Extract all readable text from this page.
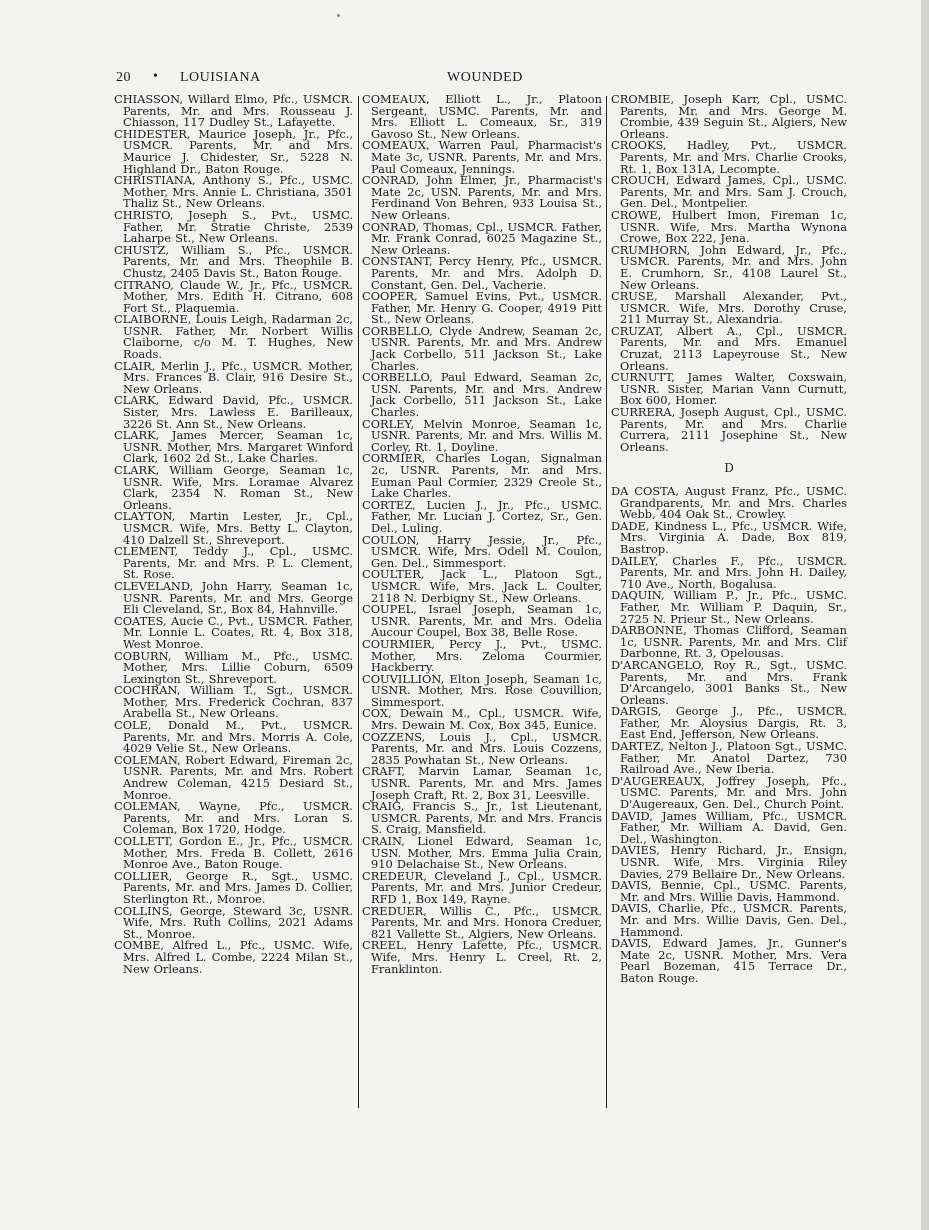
20 • LOUISIANA	WOUNDED

CHIASSON, Willard Elmo, Pfc., USMCR. Parents, Mr. and Mrs. Rousseau J. Chiasson, 117 Dudley St., Lafayette.

CHIDESTER, Maurice Joseph, Jr., Pfc., USMCR. Parents, Mr. and Mrs. Maurice J. Chidester, Sr., 5228 N. Highland Dr., Baton Rouge.

CHRISTIANA, Anthony S., Pfc., USMC. Mother, Mrs. Annie L. Christiana, 3501 Thaliz St., New Orleans.

CHRISTO, Joseph S., Pvt., USMC. Father, Mr. Stratie Christe, 2539 Laharpe St., New Orleans.

CHUSTZ, William S., Pfc., USMCR. Parents, Mr. and Mrs. Theophile B. Chustz, 2405 Davis St., Baton Rouge.

CITRANO, Claude W., Jr., Pfc., USMCR. Mother, Mrs. Edith H. Citrano, 608 Fort St., Plaquemia.

CLAIBORNE, Louis Leigh, Radarman 2c, USNR. Father, Mr. Norbert Willis Claiborne, c/o M. T. Hughes, New Roads.

CLAIR, Merlin J., Pfc., USMCR. Mother, Mrs. Frances B. Clair, 916 Desire St., New Orleans.

CLARK, Edward David, Pfc., USMCR. Sister, Mrs. Lawless E. Barilleaux, 3226 St. Ann St., New Orleans.

CLARK, James Mercer, Seaman 1c, USNR. Mother, Mrs. Margaret Winford Clark, 1602 2d St., Lake Charles.

CLARK, William George, Seaman 1c, USNR. Wife, Mrs. Loramae Alvarez Clark, 2354 N. Roman St., New Orleans.

CLAYTON, Martin Lester, Jr., Cpl., USMCR. Wife, Mrs. Betty L. Clayton, 410 Dalzell St., Shreveport.

CLEMENT, Teddy J., Cpl., USMC. Parents, Mr. and Mrs. P. L. Clement, St. Rose.

CLEVELAND, John Harry, Seaman 1c, USNR. Parents, Mr. and Mrs. George Eli Cleveland, Sr., Box 84, Hahnville.

COATES, Aucie C., Pvt., USMCR. Father, Mr. Lonnie L. Coates, Rt. 4, Box 318, West Monroe.

COBURN, William M., Pfc., USMC. Mother, Mrs. Lillie Coburn, 6509 Lexington St., Shreveport.

COCHRAN, William T., Sgt., USMCR. Mother, Mrs. Frederick Cochran, 837 Arabella St., New Orleans.

COLE, Donald M., Pvt., USMCR. Parents, Mr. and Mrs. Morris A. Cole, 4029 Velie St., New Orleans.

COLEMAN, Robert Edward, Fireman 2c, USNR. Parents, Mr. and Mrs. Robert Andrew Coleman, 4215 Desiard St., Monroe.

COLEMAN, Wayne, Pfc., USMCR. Parents, Mr. and Mrs. Loran S. Coleman, Box 1720, Hodge.

COLLETT, Gordon E., Jr., Pfc., USMCR. Mother, Mrs. Freda B. Collett, 2616 Monroe Ave., Baton Rouge.

COLLIER, George R., Sgt., USMC. Parents, Mr. and Mrs. James D. Collier, Sterlington Rt., Monroe.

COLLINS, George, Steward 3c, USNR. Wife, Mrs. Ruth Collins, 2021 Adams St., Monroe.

COMBE, Alfred L., Pfc., USMC. Wife, Mrs. Alfred L. Combe, 2224 Milan St., New Orleans.

COMEAUX, Elliott L., Jr., Platoon Sergeant, USMC. Parents, Mr. and Mrs. Elliott L. Comeaux, Sr., 319 Gavoso St., New Orleans.

COMEAUX, Warren Paul, Pharmacist's Mate 3c, USNR. Parents, Mr. and Mrs. Paul Comeaux, Jennings.

CONRAD, John Elmer, Jr., Pharmacist's Mate 2c, USN. Parents, Mr. and Mrs. Ferdinand Von Behren, 933 Louisa St., New Orleans.

CONRAD, Thomas, Cpl., USMCR. Father, Mr. Frank Conrad, 6025 Magazine St., New Orleans.

CONSTANT, Percy Henry, Pfc., USMCR. Parents, Mr. and Mrs. Adolph D. Constant, Gen. Del., Vacherie.

COOPER, Samuel Evins, Pvt., USMCR. Father, Mr. Henry G. Cooper, 4919 Pitt St., New Orleans.

CORBELLO, Clyde Andrew, Seaman 2c, USNR. Parents, Mr. and Mrs. Andrew Jack Corbello, 511 Jackson St., Lake Charles.

CORBELLO, Paul Edward, Seaman 2c, USN. Parents, Mr. and Mrs. Andrew Jack Corbello, 511 Jackson St., Lake Charles.

CORLEY, Melvin Monroe, Seaman 1c, USNR. Parents, Mr. and Mrs. Willis M. Corley, Rt. 1, Doyline.

CORMIER, Charles Logan, Signalman 2c, USNR. Parents, Mr. and Mrs. Euman Paul Cormier, 2329 Creole St., Lake Charles.

CORTEZ, Lucien J., Jr., Pfc., USMC. Father, Mr. Lucian J. Cortez, Sr., Gen. Del., Luling.

COULON, Harry Jessie, Jr., Pfc., USMCR. Wife, Mrs. Odell M. Coulon, Gen. Del., Simmesport.

COULTER, Jack L., Platoon Sgt., USMCR. Wife, Mrs. Jack L. Coulter, 2118 N. Derbigny St., New Orleans.

COUPEL, Israel Joseph, Seaman 1c, USNR. Parents, Mr. and Mrs. Odelia Aucour Coupel, Box 38, Belle Rose.

COURMIER, Percy J., Pvt., USMC. Mother, Mrs. Zeloma Courmier, Hackberry.

COUVILLION, Elton Joseph, Seaman 1c, USNR. Mother, Mrs. Rose Couvillion, Simmesport.

COX, Dewain M., Cpl., USMCR. Wife, Mrs. Dewain M. Cox, Box 345, Eunice.

COZZENS, Louis J., Cpl., USMCR. Parents, Mr. and Mrs. Louis Cozzens, 2835 Powhatan St., New Orleans.

CRAFT, Marvin Lamar, Seaman 1c, USNR. Parents, Mr. and Mrs. James Joseph Craft, Rt. 2, Box 31, Leesville.

CRAIG, Francis S., Jr., 1st Lieutenant, USMCR. Parents, Mr. and Mrs. Francis S. Craig, Mansfield.

CRAIN, Lionel Edward, Seaman 1c, USN. Mother, Mrs. Emma Julia Crain, 910 Delachaise St., New Orleans.

CREDEUR, Cleveland J., Cpl., USMCR. Parents, Mr. and Mrs. Junior Credeur, RFD 1, Box 149, Rayne.

CREDUER, Willis C., Pfc., USMCR. Parents, Mr. and Mrs. Honora Creduer, 821 Vallette St., Algiers, New Orleans.

CREEL, Henry Lafette, Pfc., USMCR. Wife, Mrs. Henry L. Creel, Rt. 2, Franklinton.

CROMBIE, Joseph Karr, Cpl., USMC. Parents, Mr. and Mrs. George M. Crombie, 439 Seguin St., Algiers, New Orleans.

CROOKS, Hadley, Pvt., USMCR. Parents, Mr. and Mrs. Charlie Crooks, Rt. 1, Box 131A, Lecompte.

CROUCH, Edward James, Cpl., USMC. Parents, Mr. and Mrs. Sam J. Crouch, Gen. Del., Montpelier.

CROWE, Hulbert Imon, Fireman 1c, USNR. Wife, Mrs. Martha Wynona Crowe, Box 222, Jena.

CRUMHORN, John Edward, Jr., Pfc., USMCR. Parents, Mr. and Mrs. John E. Crumhorn, Sr., 4108 Laurel St., New Orleans.

CRUSE, Marshall Alexander, Pvt., USMCR. Wife, Mrs. Dorothy Cruse, 211 Murray St., Alexandria.

CRUZAT, Albert A., Cpl., USMCR. Parents, Mr. and Mrs. Emanuel Cruzat, 2113 Lapeyrouse St., New Orleans.

CURNUTT, James Walter, Coxswain, USNR. Sister, Marian Vann Curnutt, Box 600, Homer.

CURRERA, Joseph August, Cpl., USMC. Parents, Mr. and Mrs. Charlie Currera, 2111 Josephine St., New Orleans.

D

DA COSTA, August Franz, Pfc., USMC. Grandparents, Mr. and Mrs. Charles Webb, 404 Oak St., Crowley.

DADE, Kindness L., Pfc., USMCR. Wife, Mrs. Virginia A. Dade, Box 819, Bastrop.

DAILEY, Charles F., Pfc., USMCR. Parents, Mr. and Mrs. John H. Dailey, 710 Ave., North, Bogalusa.

DAQUIN, William P., Jr., Pfc., USMC. Father, Mr. William P. Daquin, Sr., 2725 N. Prieur St., New Orleans.

DARBONNE, Thomas Clifford, Seaman 1c, USNR. Parents, Mr. and Mrs. Clif Darbonne, Rt. 3, Opelousas.

D'ARCANGELO, Roy R., Sgt., USMC. Parents, Mr. and Mrs. Frank D'Arcangelo, 3001 Banks St., New Orleans.

DARGIS, George J., Pfc., USMCR. Father, Mr. Aloysius Dargis, Rt. 3, East End, Jefferson, New Orleans.

DARTEZ, Nelton J., Platoon Sgt., USMC. Father, Mr. Anatol Dartez, 730 Railroad Ave., New Iberia.

D'AUGEREAUX, Joffrey Joseph, Pfc., USMC. Parents, Mr. and Mrs. John D'Augereaux, Gen. Del., Church Point.

DAVID, James William, Pfc., USMCR. Father, Mr. William A. David, Gen. Del., Washington.

DAVIES, Henry Richard, Jr., Ensign, USNR. Wife, Mrs. Virginia Riley Davies, 279 Bellaire Dr., New Orleans.

DAVIS, Bennie, Cpl., USMC. Parents, Mr. and Mrs. Willie Davis, Hammond.

DAVIS, Charlie, Pfc., USMCR. Parents, Mr. and Mrs. Willie Davis, Gen. Del., Hammond.

DAVIS, Edward James, Jr., Gunner's Mate 2c, USNR. Mother, Mrs. Vera Pearl Bozeman, 415 Terrace Dr., Baton Rouge.
